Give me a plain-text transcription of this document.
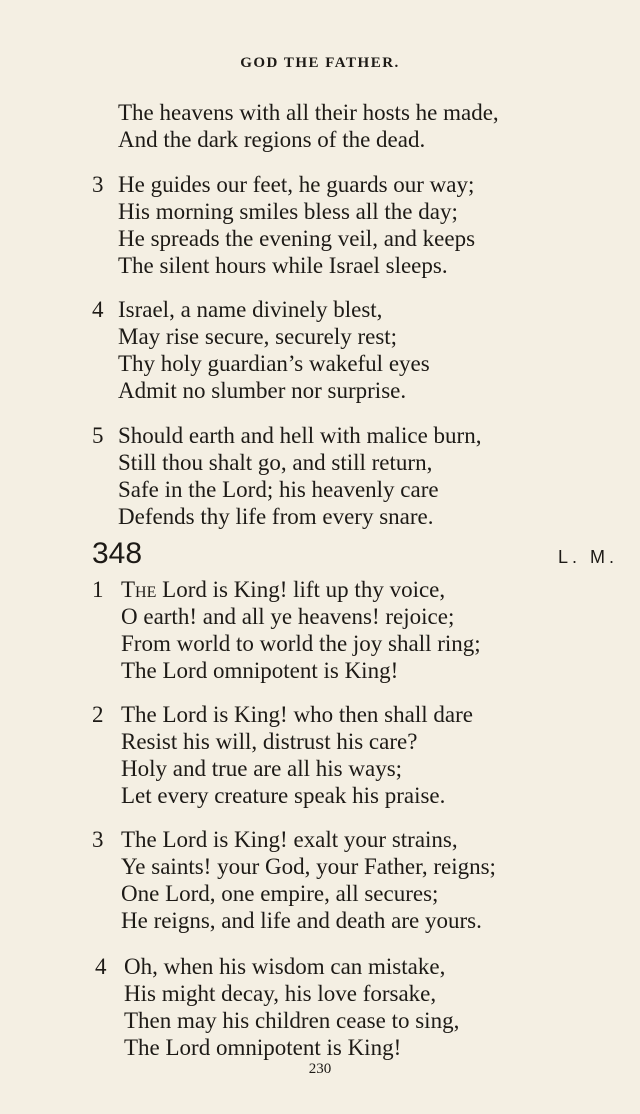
GOD THE FATHER.
The heavens with all their hosts he made,
And the dark regions of the dead.
3 He guides our feet, he guards our way;
His morning smiles bless all the day;
He spreads the evening veil, and keeps
The silent hours while Israel sleeps.
4 Israel, a name divinely blest,
May rise secure, securely rest;
Thy holy guardian’s wakeful eyes
Admit no slumber nor surprise.
5 Should earth and hell with malice burn,
Still thou shalt go, and still return,
Safe in the Lord; his heavenly care
Defends thy life from every snare.
348	L. M.
1 The Lord is King! lift up thy voice,
O earth! and all ye heavens! rejoice;
From world to world the joy shall ring;
The Lord omnipotent is King!
2 The Lord is King! who then shall dare
Resist his will, distrust his care?
Holy and true are all his ways;
Let every creature speak his praise.
3 The Lord is King! exalt your strains,
Ye saints! your God, your Father, reigns;
One Lord, one empire, all secures;
He reigns, and life and death are yours.
4 Oh, when his wisdom can mistake,
His might decay, his love forsake,
Then may his children cease to sing,
The Lord omnipotent is King!
230
